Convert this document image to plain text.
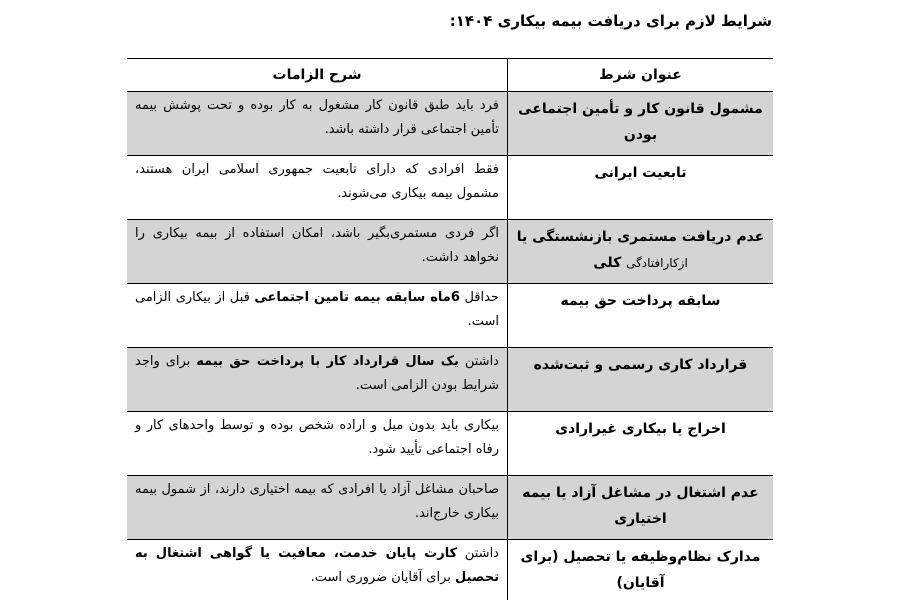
شرایط لازم برای دریافت بیمه بیکاری ۱۴۰۴:
عنوان شرط	شرح الزامات
مشمول قانون کار و تأمین اجتماعی بودن	فرد باید طبق قانون کار مشغول به کار بوده و تحت پوشش بیمه تأمین اجتماعی قرار داشته باشد.
تابعیت ایرانی	فقط افرادی که دارای تابعیت جمهوری اسلامی ایران هستند، مشمول بیمه بیکاری می‌شوند.
عدم دریافت مستمری بازنشستگی یا
ازکارافتادگی کلی	اگر فردی مستمری‌بگیر باشد، امکان استفاده از بیمه بیکاری را نخواهد داشت.
سابقه پرداخت حق بیمه	حداقل 6ماه سابقه بیمه تامین اجتماعی قبل از بیکاری الزامی است.
قرارداد کاری رسمی و ثبت‌شده	داشتن یک سال قرارداد کار با پرداخت حق بیمه برای واجد شرایط بودن الزامی است.
اخراج یا بیکاری غیرارادی	بیکاری باید بدون میل و اراده شخص بوده و توسط واحدهای کار و رفاه اجتماعی تأیید شود.
عدم اشتغال در مشاغل آزاد یا بیمه اختیاری	صاحبان مشاغل آزاد یا افرادی که بیمه اختیاری دارند، از شمول بیمه بیکاری خارج‌اند.
مدارک نظام‌وظیفه یا تحصیل (برای آقایان)	داشتن کارت پایان خدمت، معافیت یا گواهی اشتغال به تحصیل برای آقایان ضروری است.
